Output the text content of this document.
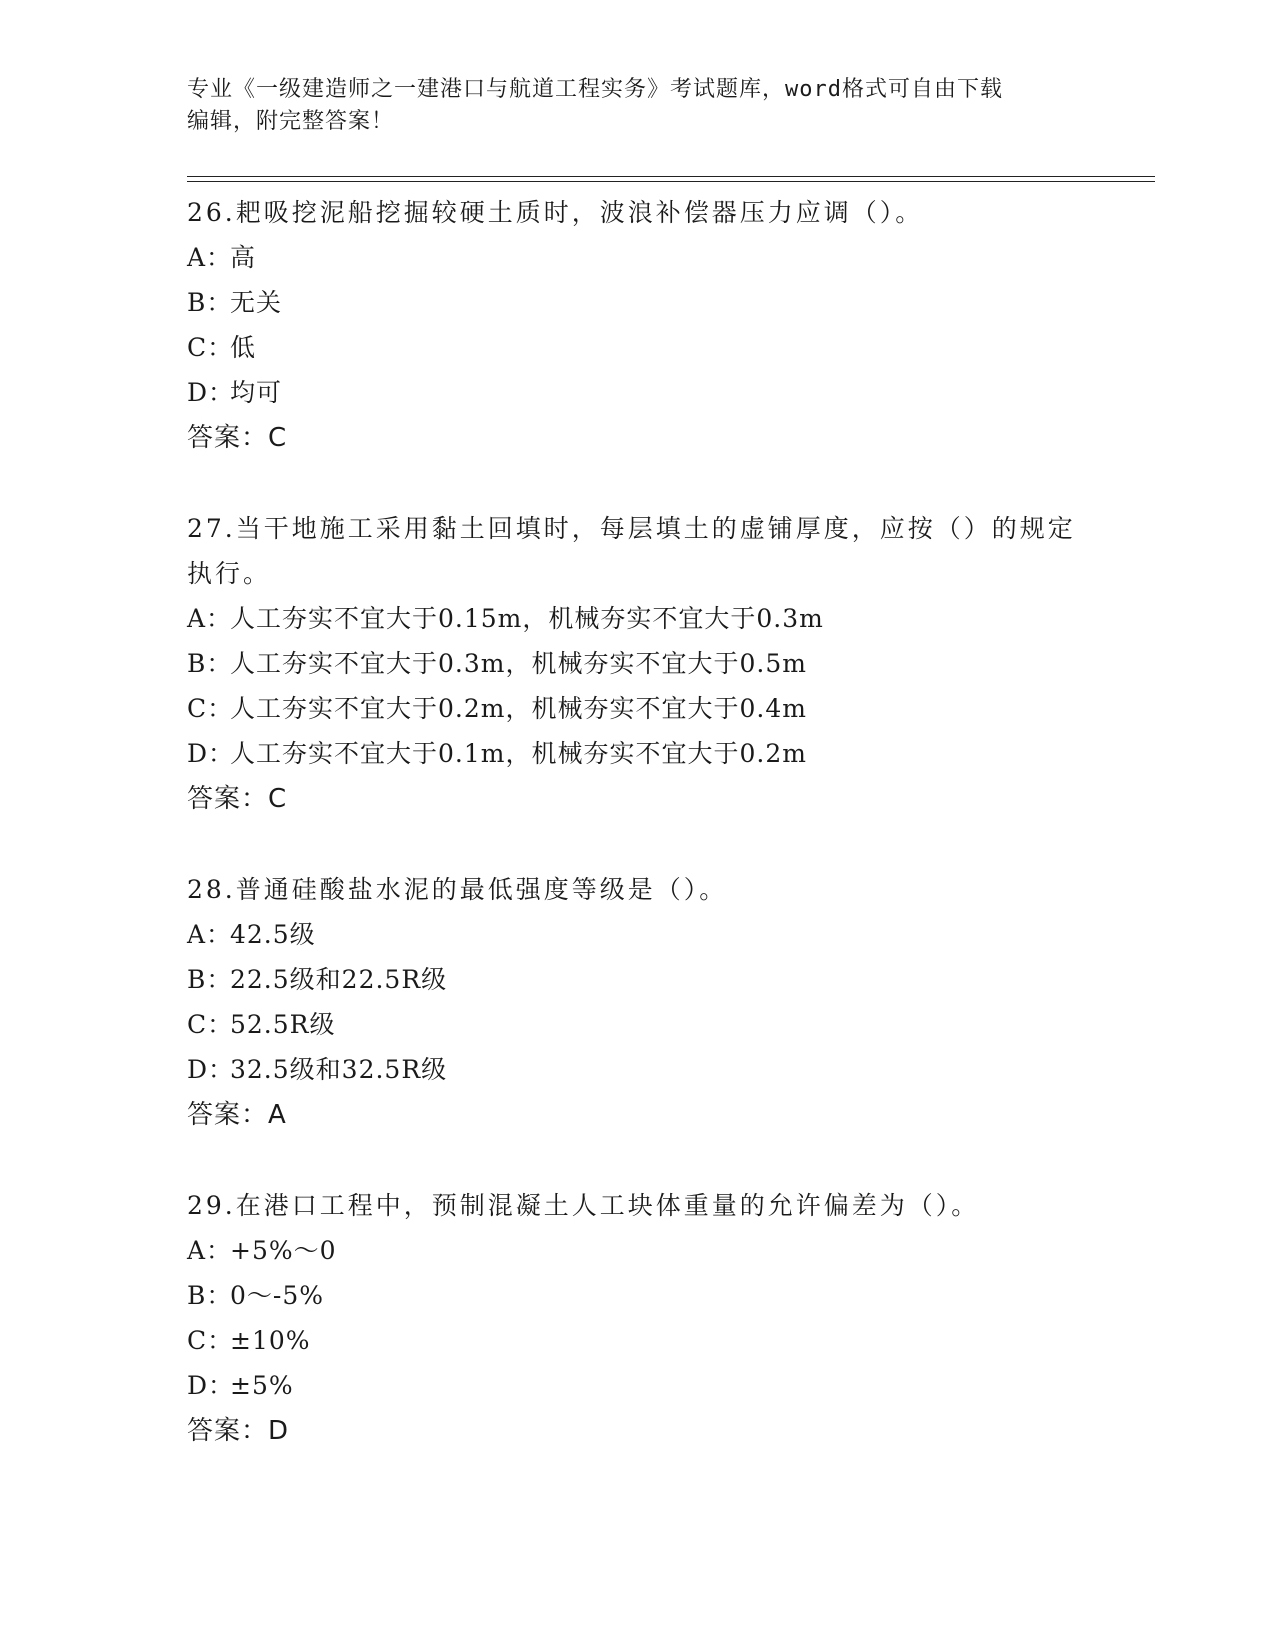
专业《一级建造师之一建港口与航道工程实务》考试题库，word格式可自由下载
编辑，附完整答案！

26.耙吸挖泥船挖掘较硬土质时，波浪补偿器压力应调（）。

A：高

B：无关

C：低

D：均可

答案：C

27.当干地施工采用黏土回填时，每层填土的虚铺厚度，应按（）的规定执行。

A：人工夯实不宜大于0.15m，机械夯实不宜大于0.3m

B：人工夯实不宜大于0.3m，机械夯实不宜大于0.5m

C：人工夯实不宜大于0.2m，机械夯实不宜大于0.4m

D：人工夯实不宜大于0.1m，机械夯实不宜大于0.2m

答案：C

28.普通硅酸盐水泥的最低强度等级是（）。

A：42.5级

B：22.5级和22.5R级

C：52.5R级

D：32.5级和32.5R级

答案：A

29.在港口工程中，预制混凝土人工块体重量的允许偏差为（）。

A：+5%～0

B：0～-5%

C：±10%

D：±5%

答案：D
